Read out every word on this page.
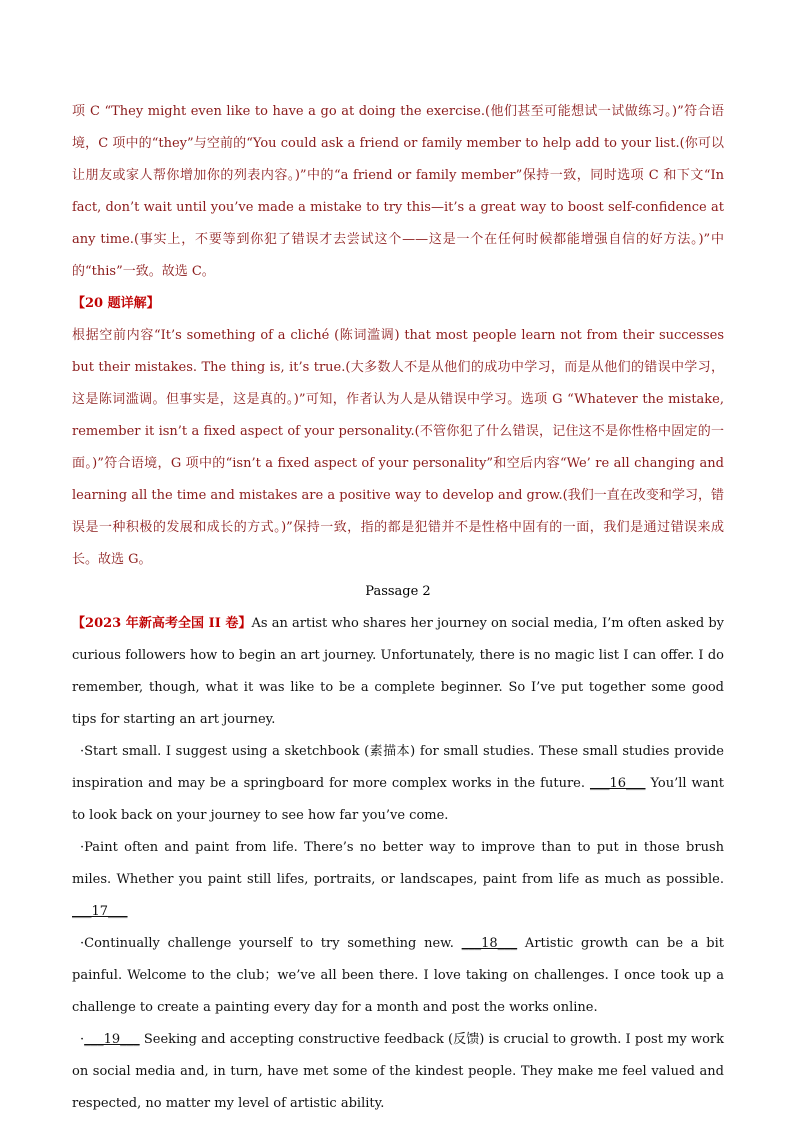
项 C “They might even like to have a go at doing the exercise.(他们甚至可能想试一试做练习。)”符合语境，C 项中的“they”与空前的“You could ask a friend or family member to help add to your list.(你可以让朋友或家人帮你增加你的列表内容。)”中的“a friend or family member”保持一致，同时选项 C 和下文“In fact, don’t wait until you’ve made a mistake to try this—it’s a great way to boost self-confidence at any time.(事实上，不要等到你犯了错误才去尝试这个——这是一个在任何时候都能增强自信的好方法。)”中的“this”一致。故选 C。

【20 题详解】

根据空前内容“It’s something of a cliché (陈词滥调) that most people learn not from their successes but their mistakes. The thing is, it’s true.(大多数人不是从他们的成功中学习，而是从他们的错误中学习，这是陈词滥调。但事实是，这是真的。)”可知，作者认为人是从错误中学习。选项 G “Whatever the mistake, remember it isn’t a fixed aspect of your personality.(不管你犯了什么错误，记住这不是你性格中固定的一面。)”符合语境，G 项中的“isn’t a fixed aspect of your personality”和空后内容“We’ re all changing and learning all the time and mistakes are a positive way to develop and grow.(我们一直在改变和学习，错误是一种积极的发展和成长的方式。)”保持一致，指的都是犯错并不是性格中固有的一面，我们是通过错误来成长。故选 G。

Passage 2

【2023 年新高考全国 II 卷】As an artist who shares her journey on social media, I’m often asked by curious followers how to begin an art journey. Unfortunately, there is no magic list I can offer. I do remember, though, what it was like to be a complete beginner. So I’ve put together some good tips for starting an art journey.

·Start small. I suggest using a sketchbook (素描本) for small studies. These small studies provide inspiration and may be a springboard for more complex works in the future. ___16___ You’ll want to look back on your journey to see how far you’ve come.

·Paint often and paint from life. There’s no better way to improve than to put in those brush miles. Whether you paint still lifes, portraits, or landscapes, paint from life as much as possible. ___17___

·Continually challenge yourself to try something new. ___18___ Artistic growth can be a bit painful. Welcome to the club；we’ve all been there. I love taking on challenges. I once took up a challenge to create a painting every day for a month and post the works online.

·___19___ Seeking and accepting constructive feedback (反馈) is crucial to growth. I post my work on social media and, in turn, have met some of the kindest people. They make me feel valued and respected, no matter my level of artistic ability.
